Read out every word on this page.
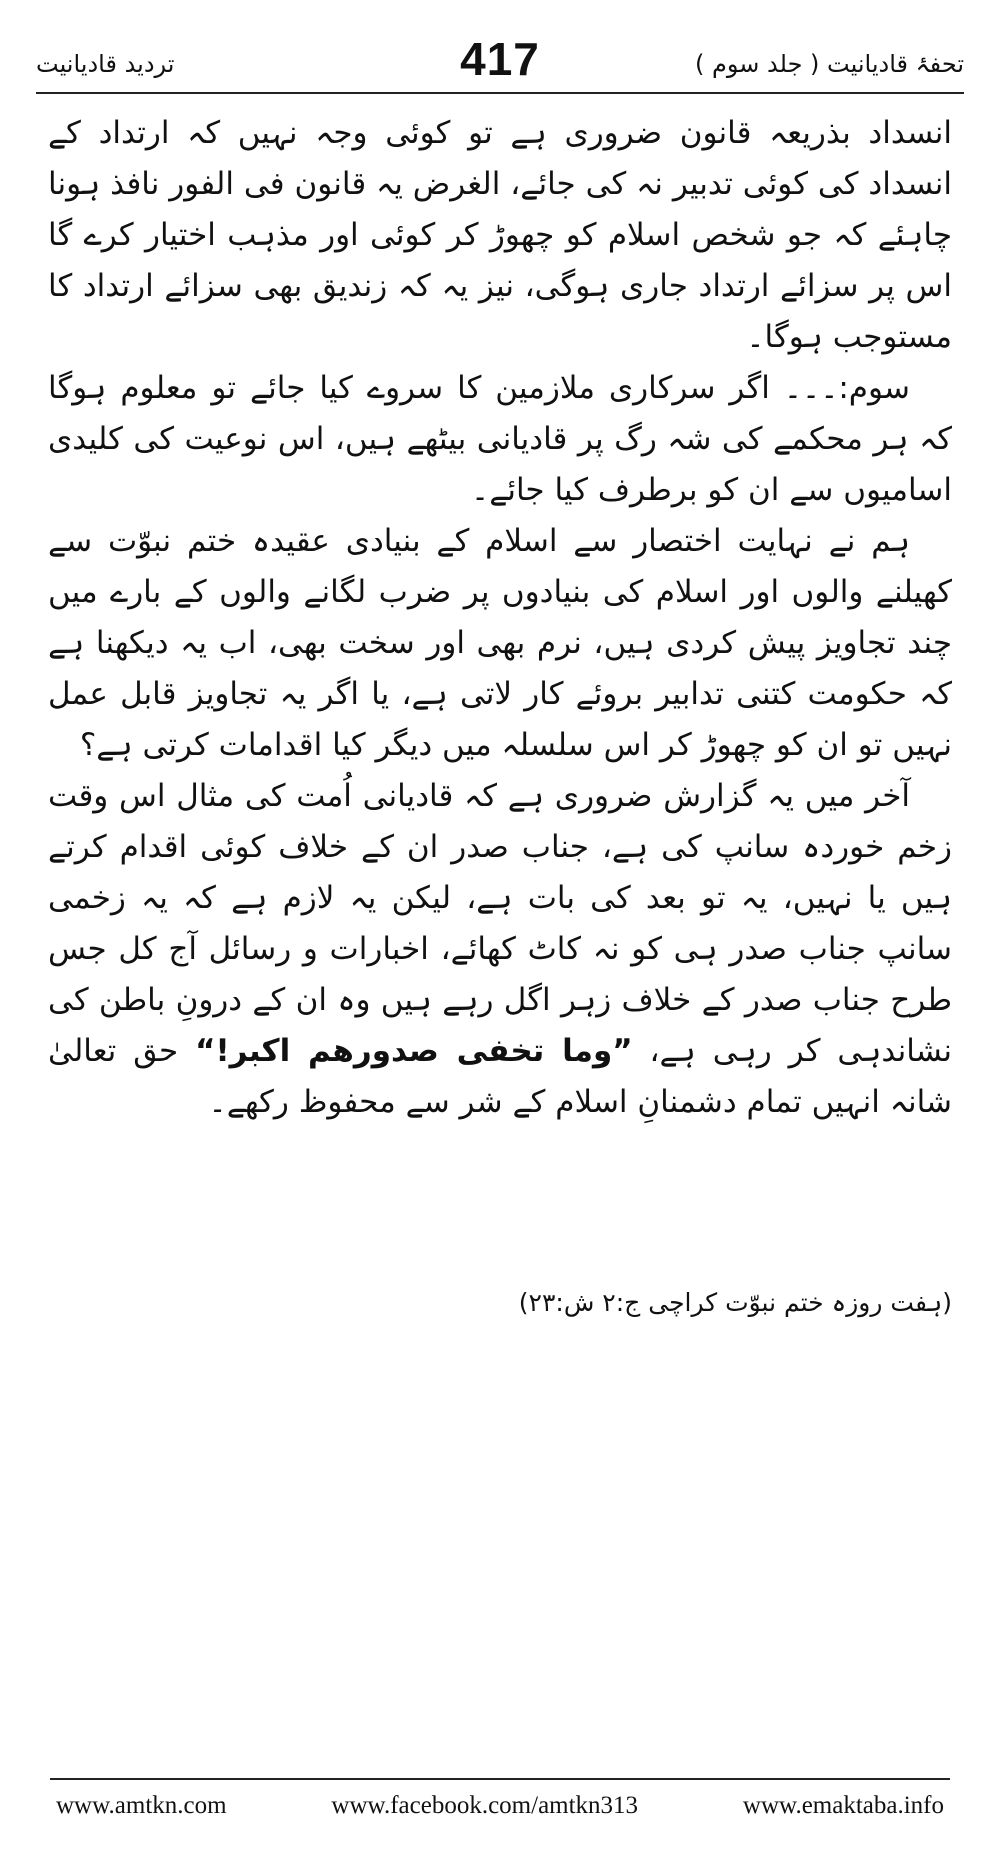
تردید قادیانیت	417	تحفۂ قادیانیت ( جلد سوم )

انسداد بذریعہ قانون ضروری ہے تو کوئی وجہ نہیں کہ ارتداد کے انسداد کی کوئی تدبیر نہ کی جائے، الغرض یہ قانون فی الفور نافذ ہونا چاہئے کہ جو شخص اسلام کو چھوڑ کر کوئی اور مذہب اختیار کرے گا اس پر سزائے ارتداد جاری ہوگی، نیز یہ کہ زندیق بھی سزائے ارتداد کا مستوجب ہوگا۔

سوم:۔۔۔ اگر سرکاری ملازمین کا سروے کیا جائے تو معلوم ہوگا کہ ہر محکمے کی شہ رگ پر قادیانی بیٹھے ہیں، اس نوعیت کی کلیدی اسامیوں سے ان کو برطرف کیا جائے۔

ہم نے نہایت اختصار سے اسلام کے بنیادی عقیدہ ختم نبوّت سے کھیلنے والوں اور اسلام کی بنیادوں پر ضرب لگانے والوں کے بارے میں چند تجاویز پیش کردی ہیں، نرم بھی اور سخت بھی، اب یہ دیکھنا ہے کہ حکومت کتنی تدابیر بروئے کار لاتی ہے، یا اگر یہ تجاویز قابل عمل نہیں تو ان کو چھوڑ کر اس سلسلہ میں دیگر کیا اقدامات کرتی ہے؟

آخر میں یہ گزارش ضروری ہے کہ قادیانی اُمت کی مثال اس وقت زخم خوردہ سانپ کی ہے، جناب صدر ان کے خلاف کوئی اقدام کرتے ہیں یا نہیں، یہ تو بعد کی بات ہے، لیکن یہ لازم ہے کہ یہ زخمی سانپ جناب صدر ہی کو نہ کاٹ کھائے، اخبارات و رسائل آج کل جس طرح جناب صدر کے خلاف زہر اگل رہے ہیں وہ ان کے درونِ باطن کی نشاندہی کر رہی ہے، ”وما تخفی صدورھم اکبر!“ حق تعالیٰ شانہ انہیں تمام دشمنانِ اسلام کے شر سے محفوظ رکھے۔

(ہفت روزہ ختم نبوّت کراچی ج:۲ ش:۲۳)
www.amtkn.com	www.facebook.com/amtkn313	www.emaktaba.info
